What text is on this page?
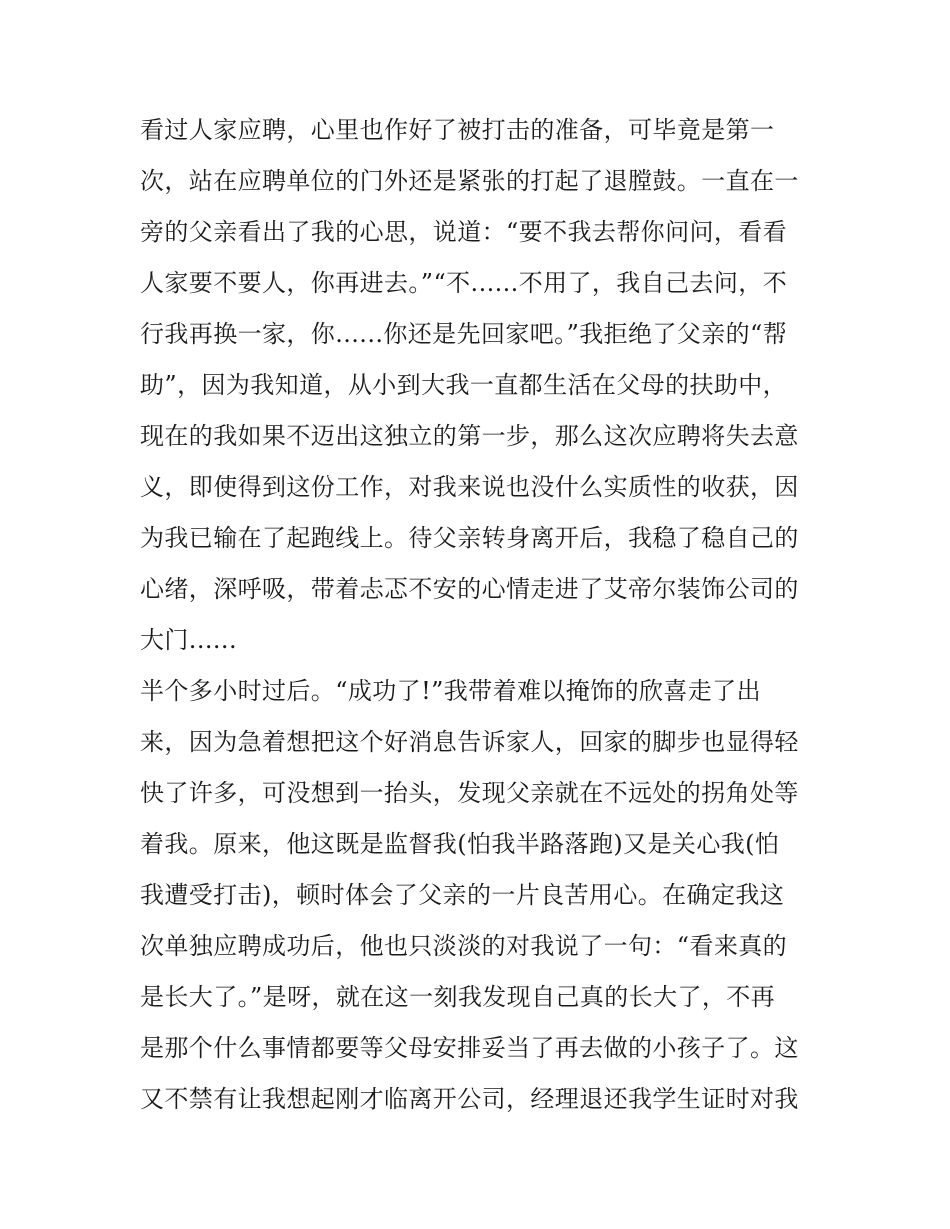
看过人家应聘，心里也作好了被打击的准备，可毕竟是第一
次，站在应聘单位的门外还是紧张的打起了退膛鼓。一直在一
旁的父亲看出了我的心思，说道：“要不我去帮你问问，看看
人家要不要人，你再进去。”“不......不用了，我自己去问，不
行我再换一家，你......你还是先回家吧。”我拒绝了父亲的“帮
助”，因为我知道，从小到大我一直都生活在父母的扶助中，
现在的我如果不迈出这独立的第一步，那么这次应聘将失去意
义，即使得到这份工作，对我来说也没什么实质性的收获，因
为我已输在了起跑线上。待父亲转身离开后，我稳了稳自己的
心绪，深呼吸，带着忐忑不安的心情走进了艾帝尔装饰公司的
大门......
半个多小时过后。“成功了!”我带着难以掩饰的欣喜走了出
来，因为急着想把这个好消息告诉家人，回家的脚步也显得轻
快了许多，可没想到一抬头，发现父亲就在不远处的拐角处等
着我。原来，他这既是监督我(怕我半路落跑)又是关心我(怕
我遭受打击)，顿时体会了父亲的一片良苦用心。在确定我这
次单独应聘成功后，他也只淡淡的对我说了一句：“看来真的
是长大了。”是呀，就在这一刻我发现自己真的长大了，不再
是那个什么事情都要等父母安排妥当了再去做的小孩子了。这
又不禁有让我想起刚才临离开公司，经理退还我学生证时对我
